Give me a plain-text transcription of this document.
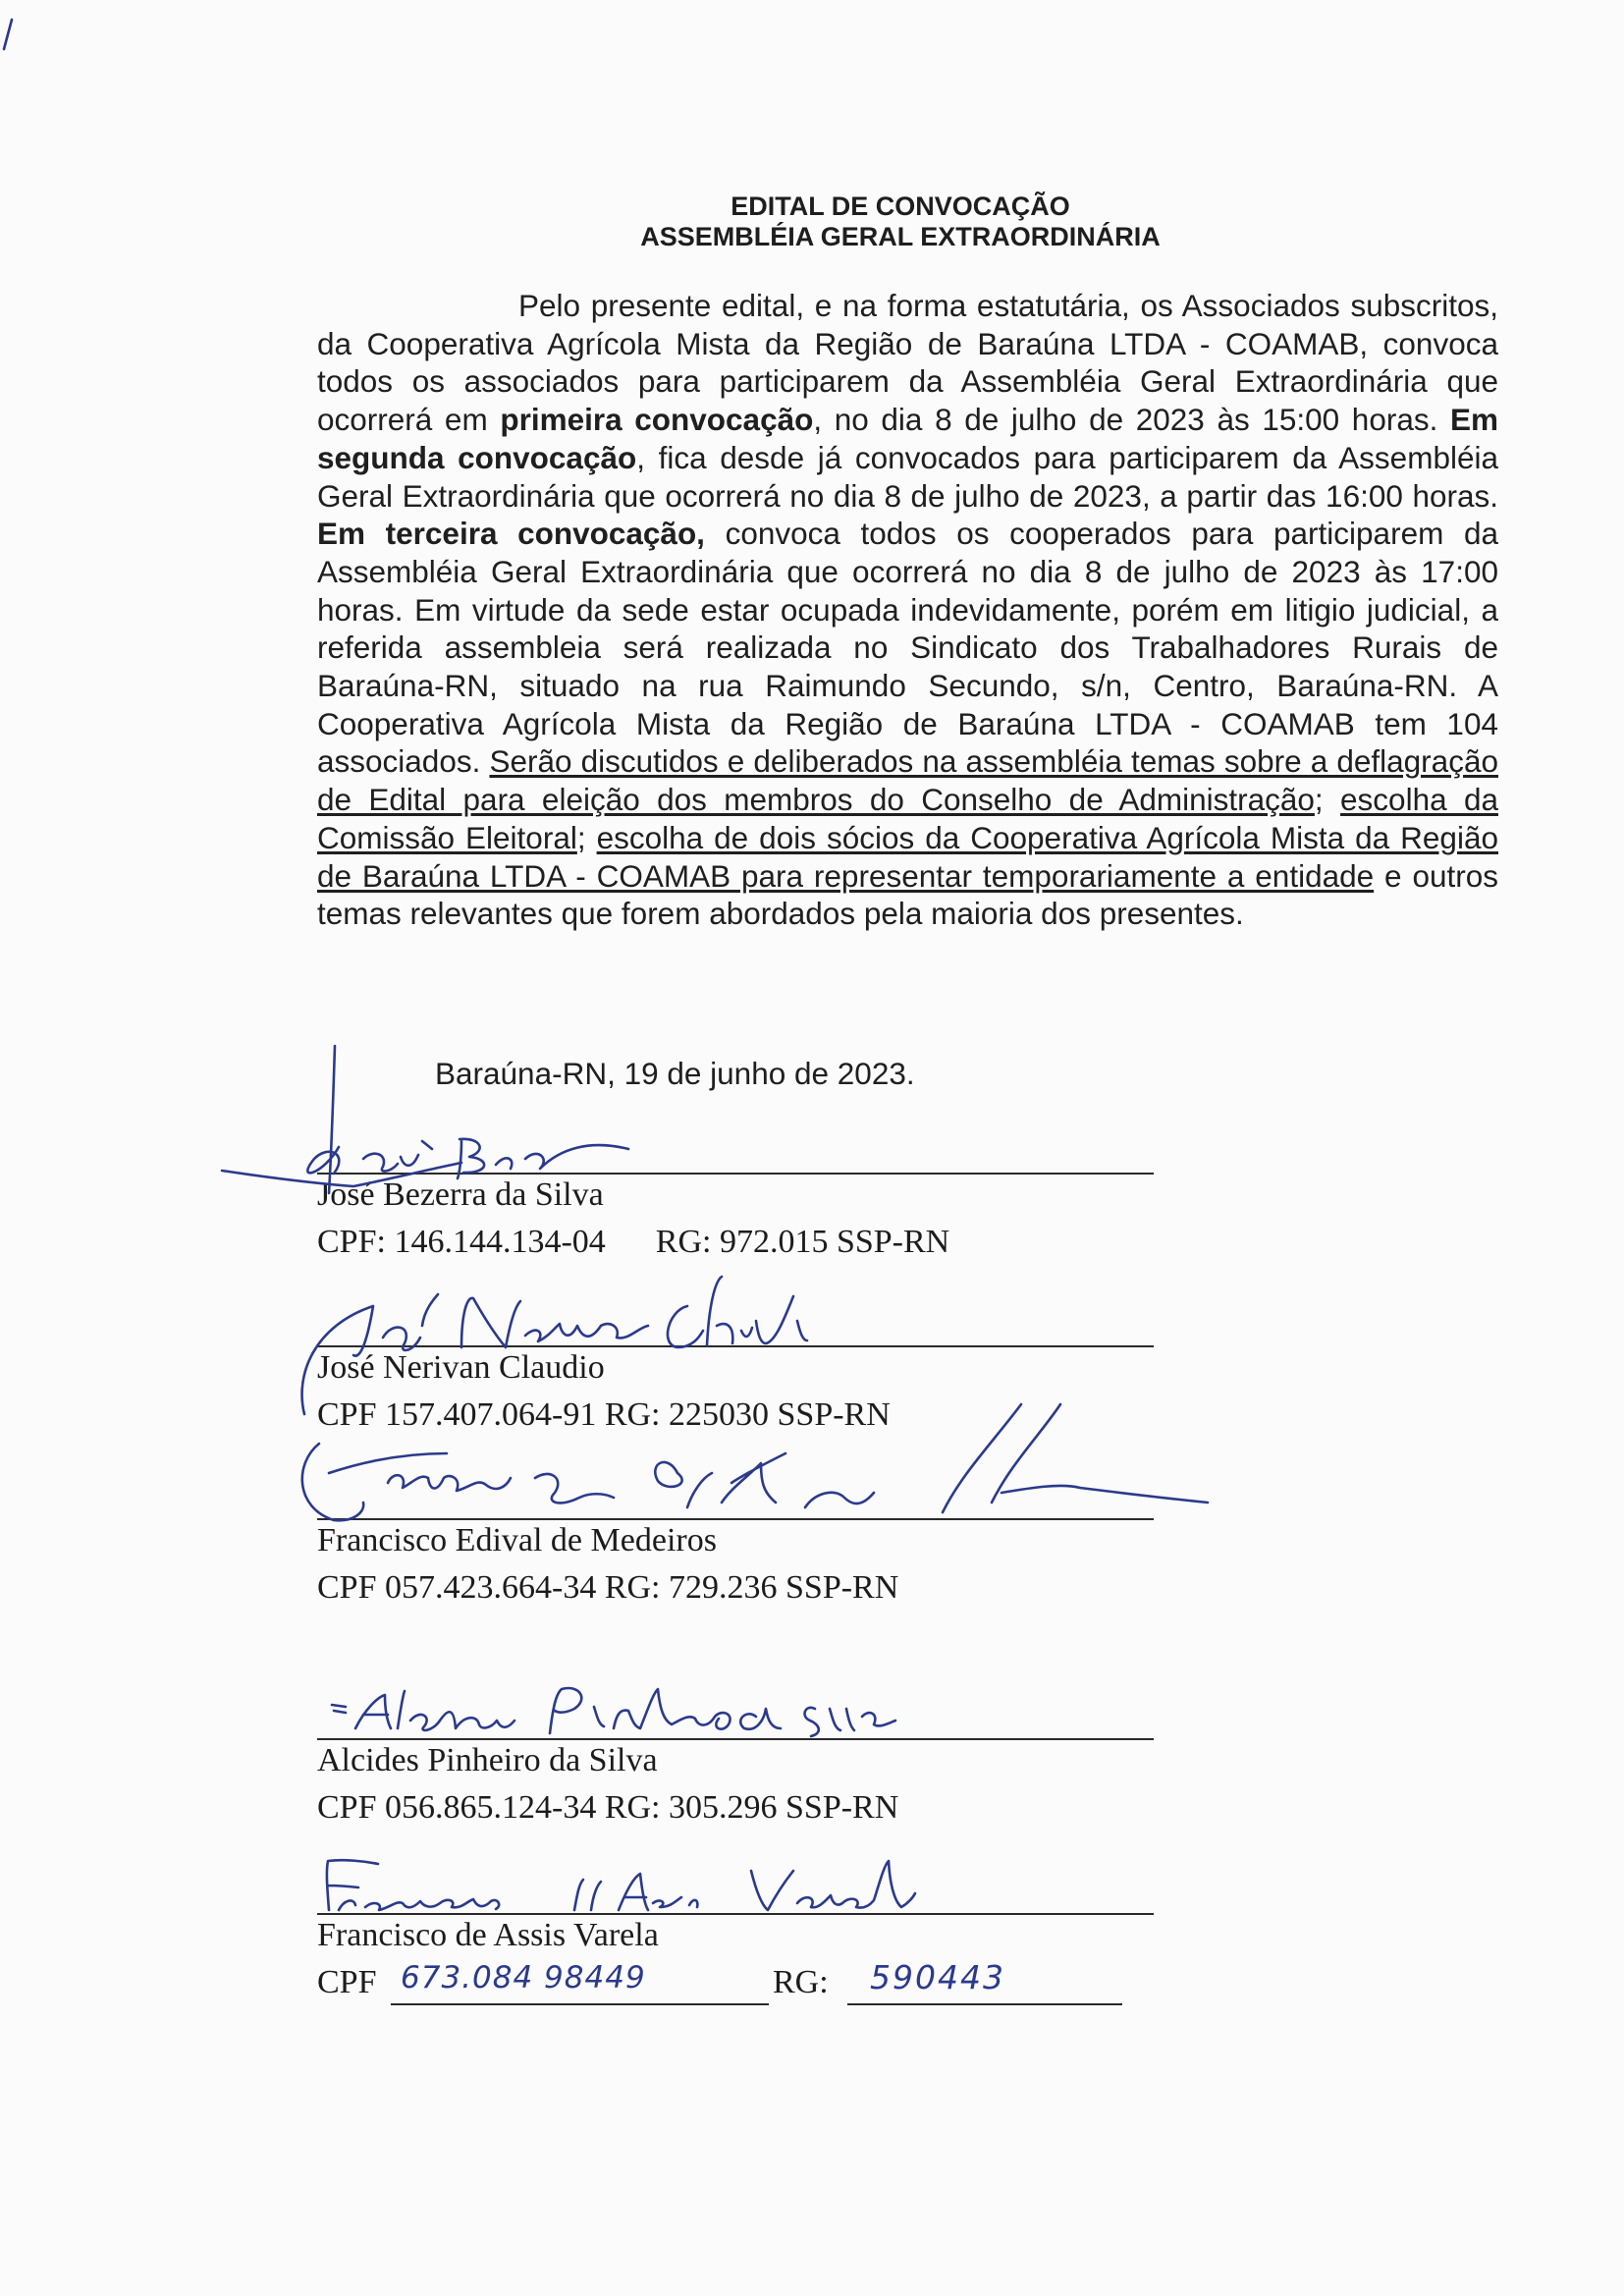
EDITAL DE CONVOCAÇÃO
ASSEMBLÉIA GERAL EXTRAORDINÁRIA
Pelo presente edital, e na forma estatutária, os Associados subscritos, da Cooperativa Agrícola Mista da Região de Baraúna LTDA - COAMAB, convoca todos os associados para participarem da Assembléia Geral Extraordinária que ocorrerá em primeira convocação, no dia 8 de julho de 2023 às 15:00 horas. Em segunda convocação, fica desde já convocados para participarem da Assembléia Geral Extraordinária que ocorrerá no dia 8 de julho de 2023, a partir das 16:00 horas. Em terceira convocação, convoca todos os cooperados para participarem da Assembléia Geral Extraordinária que ocorrerá no dia 8 de julho de 2023 às 17:00 horas. Em virtude da sede estar ocupada indevidamente, porém em litigio judicial, a referida assembleia será realizada no Sindicato dos Trabalhadores Rurais de Baraúna-RN, situado na rua Raimundo Secundo, s/n, Centro, Baraúna-RN. A Cooperativa Agrícola Mista da Região de Baraúna LTDA - COAMAB tem 104 associados. Serão discutidos e deliberados na assembléia temas sobre a deflagração de Edital para eleição dos membros do Conselho de Administração; escolha da Comissão Eleitoral; escolha de dois sócios da Cooperativa Agrícola Mista da Região de Baraúna LTDA - COAMAB para representar temporariamente a entidade e outros temas relevantes que forem abordados pela maioria dos presentes.
Baraúna-RN, 19 de junho de 2023.
José Bezerra da Silva
CPF: 146.144.134-04      RG: 972.015 SSP-RN
José Nerivan Claudio
CPF 157.407.064-91 RG: 225030 SSP-RN
Francisco Edival de Medeiros
CPF 057.423.664-34 RG: 729.236 SSP-RN
Alcides Pinheiro da Silva
CPF 056.865.124-34 RG: 305.296 SSP-RN
Francisco de Assis Varela
CPF 673.084 98449	RG: 590443
